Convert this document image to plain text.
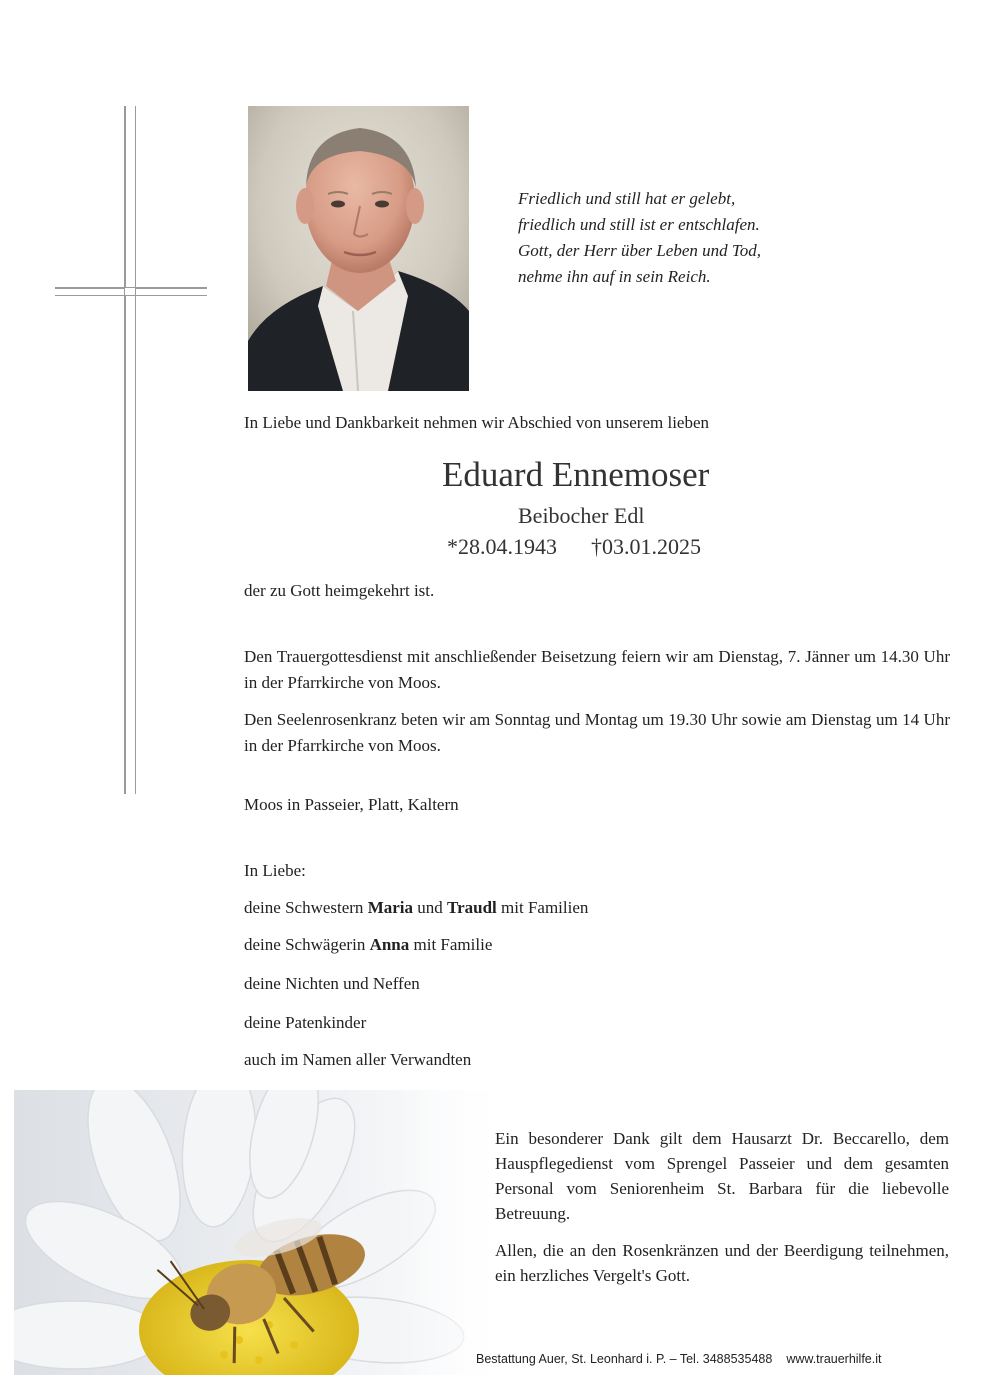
Friedlich und still hat er gelebt,
friedlich und still ist er entschlafen.
Gott, der Herr über Leben und Tod,
nehme ihn auf in sein Reich.
In Liebe und Dankbarkeit nehmen wir Abschied von unserem lieben
Eduard Ennemoser
Beibocher Edl
*28.04.1943 †03.01.2025
der zu Gott heimgekehrt ist.
Den Trauergottesdienst mit anschließender Beisetzung feiern wir am Dienstag, 7. Jänner um 14.30 Uhr in der Pfarrkirche von Moos.
Den Seelenrosenkranz beten wir am Sonntag und Montag um 19.30 Uhr sowie am Dienstag um 14 Uhr in der Pfarrkirche von Moos.
Moos in Passeier, Platt, Kaltern
In Liebe:
deine Schwestern Maria und Traudl mit Familien
deine Schwägerin Anna mit Familie
deine Nichten und Neffen
deine Patenkinder
auch im Namen aller Verwandten
Ein besonderer Dank gilt dem Hausarzt Dr. Beccarello, dem Hauspflegedienst vom Sprengel Passeier und dem gesamten Personal vom Seniorenheim St. Barbara für die liebevolle Betreuung.
Allen, die an den Rosenkränzen und der Beerdigung teilnehmen, ein herzliches Vergelt's Gott.
Bestattung Auer, St. Leonhard i. P. – Tel. 3488535488 www.trauerhilfe.it
